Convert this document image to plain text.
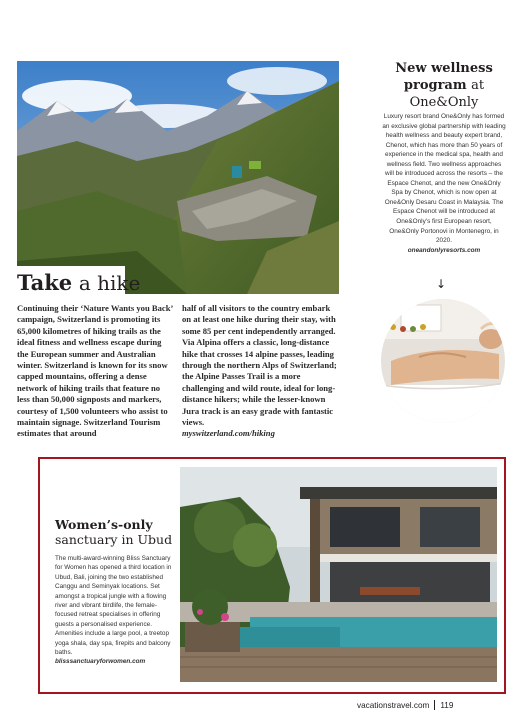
Take a hike
Continuing their ‘Nature Wants you Back’ campaign, Switzerland is promoting its 65,000 kilometres of hiking trails as the ideal fitness and wellness escape during the European summer and Australian winter. Switzerland is known for its snow capped mountains, offering a dense network of hiking trails that feature no less than 50,000 signposts and markers, courtesy of 1,500 volunteers who assist to maintain signage. Switzerland Tourism estimates that around
half of all visitors to the country embark on at least one hike during their stay, with some 85 per cent independently arranged. Via Alpina offers a classic, long-distance hike that crosses 14 alpine passes, leading through the northern Alps of Switzerland; the Alpine Passes Trail is a more challenging and wild route, ideal for long-distance hikers; while the lesser-known Jura track is an easy grade with fantastic views.
myswitzerland.com/hiking
New wellness
program at
One&Only
Luxury resort brand One&Only has formed an exclusive global partnership with leading health wellness and beauty expert brand, Chenot, which has more than 50 years of experience in the medical spa, health and wellness field. Two wellness approaches will be introduced across the resorts – the Espace Chenot, and the new One&Only Spa by Chenot, which is now open at One&Only Desaru Coast in Malaysia. The Espace Chenot will be introduced at One&Only’s first European resort, One&Only Portonovi in Montenegro, in 2020.
oneandonlyresorts.com
↓
Women’s-only
sanctuary in Ubud
The multi-award-winning Bliss Sanctuary for Women has opened a third location in Ubud, Bali, joining the two established Canggu and Seminyak locations. Set amongst a tropical jungle with a flowing river and vibrant birdlife, the female-focused retreat specialises in offering guests a personalised experience. Amenities include a large pool, a treetop yoga shala, day spa, firepits and balcony baths.
blisssanctuaryforwomen.com
vacationstravel.com 119
